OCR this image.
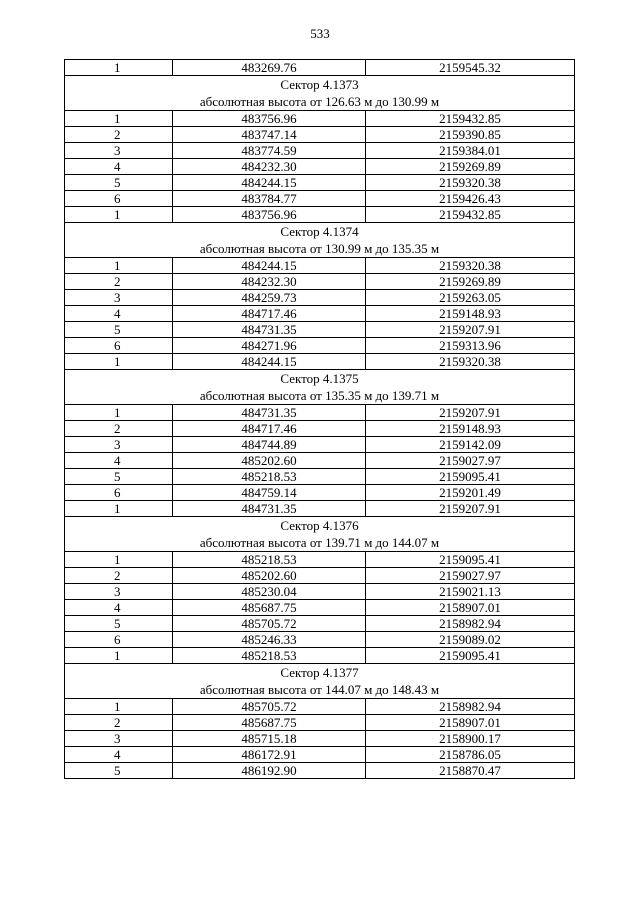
533
1	483269.76	2159545.32

Сектор 4.1373
абсолютная высота от 126.63 м до 130.99 м		

1	483756.96	2159432.85
2	483747.14	2159390.85
3	483774.59	2159384.01
4	484232.30	2159269.89
5	484244.15	2159320.38
6	483784.77	2159426.43
1	483756.96	2159432.85

Сектор 4.1374
абсолютная высота от 130.99 м до 135.35 м		

1	484244.15	2159320.38
2	484232.30	2159269.89
3	484259.73	2159263.05
4	484717.46	2159148.93
5	484731.35	2159207.91
6	484271.96	2159313.96
1	484244.15	2159320.38

Сектор 4.1375
абсолютная высота от 135.35 м до 139.71 м		

1	484731.35	2159207.91
2	484717.46	2159148.93
3	484744.89	2159142.09
4	485202.60	2159027.97
5	485218.53	2159095.41
6	484759.14	2159201.49
1	484731.35	2159207.91

Сектор 4.1376
абсолютная высота от 139.71 м до 144.07 м		

1	485218.53	2159095.41
2	485202.60	2159027.97
3	485230.04	2159021.13
4	485687.75	2158907.01
5	485705.72	2158982.94
6	485246.33	2159089.02
1	485218.53	2159095.41

Сектор 4.1377
абсолютная высота от 144.07 м до 148.43 м		

1	485705.72	2158982.94
2	485687.75	2158907.01
3	485715.18	2158900.17
4	486172.91	2158786.05
5	486192.90	2158870.47
